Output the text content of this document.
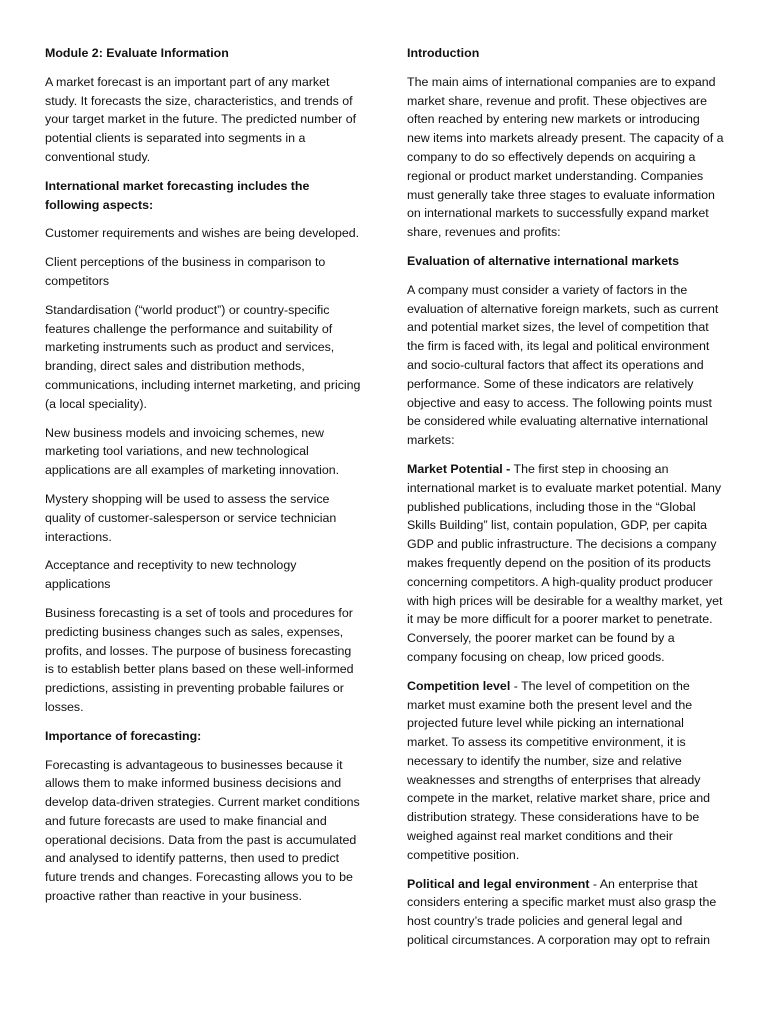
Module 2: Evaluate Information

A market forecast is an important part of any market study. It forecasts the size, characteristics, and trends of your target market in the future. The predicted number of potential clients is separated into segments in a conventional study.

International market forecasting includes the following aspects:

Customer requirements and wishes are being developed.

Client perceptions of the business in comparison to competitors

Standardisation (“world product”) or country-specific features challenge the performance and suitability of marketing instruments such as product and services, branding, direct sales and distribution methods, communications, including internet marketing, and pricing (a local speciality).

New business models and invoicing schemes, new marketing tool variations, and new technological applications are all examples of marketing innovation.

Mystery shopping will be used to assess the service quality of customer-salesperson or service technician interactions.

Acceptance and receptivity to new technology applications

Business forecasting is a set of tools and procedures for predicting business changes such as sales, expenses, profits, and losses. The purpose of business forecasting is to establish better plans based on these well-informed predictions, assisting in preventing probable failures or losses.

Importance of forecasting:

Forecasting is advantageous to businesses because it allows them to make informed business decisions and develop data-driven strategies. Current market conditions and future forecasts are used to make financial and operational decisions. Data from the past is accumulated and analysed to identify patterns, then used to predict future trends and changes. Forecasting allows you to be proactive rather than reactive in your business.

Introduction

The main aims of international companies are to expand market share, revenue and profit. These objectives are often reached by entering new markets or introducing new items into markets already present. The capacity of a company to do so effectively depends on acquiring a regional or product market understanding. Companies must generally take three stages to evaluate information on international markets to successfully expand market share, revenues and profits:

Evaluation of alternative international markets

A company must consider a variety of factors in the evaluation of alternative foreign markets, such as current and potential market sizes, the level of competition that the firm is faced with, its legal and political environment and socio-cultural factors that affect its operations and performance. Some of these indicators are relatively objective and easy to access. The following points must be considered while evaluating alternative international markets:

Market Potential - The first step in choosing an international market is to evaluate market potential. Many published publications, including those in the “Global Skills Building” list, contain population, GDP, per capita GDP and public infrastructure. The decisions a company makes frequently depend on the position of its products concerning competitors. A high-quality product producer with high prices will be desirable for a wealthy market, yet it may be more difficult for a poorer market to penetrate. Conversely, the poorer market can be found by a company focusing on cheap, low priced goods.

Competition level - The level of competition on the market must examine both the present level and the projected future level while picking an international market. To assess its competitive environment, it is necessary to identify the number, size and relative weaknesses and strengths of enterprises that already compete in the market, relative market share, price and distribution strategy. These considerations have to be weighed against real market conditions and their competitive position.

Political and legal environment - An enterprise that considers entering a specific market must also grasp the host country’s trade policies and general legal and political circumstances. A corporation may opt to refrain
